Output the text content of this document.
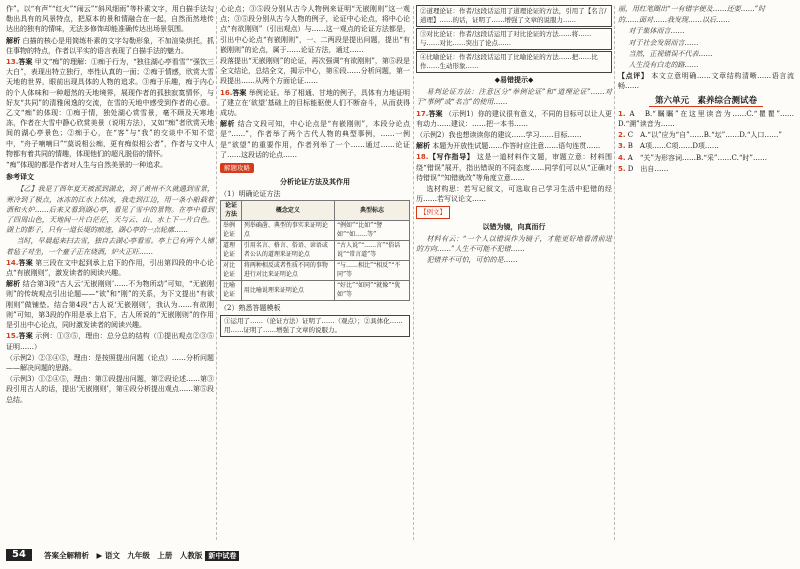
作”。以“有声”“红火”“闹云”“斜风细雨”等朴素文字，用白描手法勾勒出具有的风景特点，把原本的景和情融合在一起，自然而然地传达出的独有的情味，无法多修饰却能准确传达出场景氛围。

解析 白描的核心是用简练朴素的文字勾勒形象，不加渲染烘托，抓住事物的特点，作者以平实的语言表现了白描手法的魅力。

13.答案 甲文“痴”的理解：①痴于行为，“独往湖心亭看雪”“强饮三大白”，表现出特立独行，率性认真的一面；②痴于情感，欣赏大雪天地的世界，眼前出现具体的人物的追求。③痴于乐趣，痴于内心的个人体味和一种超然的天地境界，展现作者的孤独寂寞情怀，与好友“共同”的清雅闲逸的交流，在雪的天地中感受到作者的心意。乙文“痴”的体现：①痴于情，独处湖心赏雪景，毫不顾及天寒地冻，作者在大雪中静心欣赏美景（说明方法），又如“痴”者欣赏天地间的湖心亭景色；②痴于心，在“客”与“我”的交谈中不知不觉中，“舟子喃喃曰”“莫说相公痴，更有痴似相公者”，作者与文中人物都有着共同的情趣，体现他们的超凡脱俗的情怀。

“痴”体现的都是作者对人生与自然美景的一种追求。

参考译文

【乙】我是丁酉年夏天被派到湖北，到了黄州不久就遇到雪景，寒冷到了极点，冰冻的江水上结冰，我走到江边，用一条小船载着酒和火炉……后来又看到湖心亭，看见了雪中的景物。在亭中看到了四周山色，天地间一片白茫茫，天与云、山、水上下一片白色。湖上的影子，只有一道长堤的痕迹，湖心亭的一点轮廓……

当时，早晨起来扫去雪，独自去湖心亭看雪。亭上已有两个人铺着毡子对坐，一个童子正在烧酒，炉火正旺……

14.答案 第三段在文中起到承上启下的作用，引出第四段的中心论点“有嵌刚则”，激发读者的阅读兴趣。

解析 结合第3段“古人云‘无嵌刚则’……不为物所动”可知，“无嵌刚则”的传统观点引出论题——“欲”和“刚”的关系，为下文提出“有欲刚则”做铺垫。结合第4段“古人说‘无嵌刚则’，我认为……有欲刚则”可知，第3段的作用是承上启下，古人所说的“无嵌刚则”的作用是引出中心论点，同时激发读者的阅读兴趣。

15.答案 示例：①③⑤，理由：总分总的结构（①提出观点②③⑤证明……）

（示例2）②③④⑤，理由：是按照提出问题（论点）……分析问题——解决问题的思路。

（示例3）①②④⑤，理由：第①段提出问题，第②段论述……第③段引用古人的话，提出‘无嵌刚则’，第④段分析提出观点……第⑤段总结。

心论点；③⑤段分别从古今人物例来证明“无嵌刚则”这一观点；③⑤段分别从古今人物的例子，论证中心论点，将中心论点“有欲刚则”（引出观点）与……这一观点的论证方法都是，引出中心论点“有嵌刚则”，一、二两段是提出问题，提出“有嵌刚则”的论点，属于……论证方法，通过……

段落提出“无嵌刚则”的论证，再次强调“有欲刚则”，第⑤段是全文结论，总结全文，揭示中心，第⑥段……分析问题，第一段提出……从两个方面论证……

16.答案 举例论证。举了相通、甘地的例子，具体有力地证明了建立在‘欲望’基础上的目标能驱使人们不断奋斗，从而获得成功。

解析 结合文段可知，中心论点是“有嵌刚则”，本段分论点是“……”，作者举了两个古代人物的典型事例，……一例是“欲望”的重要作用，作者列举了一个……通过……论证了……这段话的论点……

解题攻略
分析论证方法及其作用

（1）明确论证方法

论证方法	概念定义	典型标志
举例论证	列举确凿、典型的事实来证明论点	“例如”“比如”“譬如”“如……等”
道理论证	引用名言、格言、俗语、谚语或者公认的道理来证明论点	“古人说”“……言”“俗话说”“常言道”等
对比论证	将两种相反或者性质不同的事物进行对比来证明论点	“与……相比”“相反”“不同”等
比喻论证	用比喻说理来证明论点	“好比”“如同”“就像”“犹如”等

（2）熟悉答题模板

①运用了……（论证方法）证明了……（观点）；②具体化……用……证明了……增强了文章的说服力。
②道理论证：作者/这段话运用了道理论证的方法，引用了【名言/道理】……的话，证明了……增强了文章的说服力……
③对比论证：作者/这段话运用了对比论证的方法……将……与……对比……突出了论点……
④比喻论证：作者/这段话运用了比喻论证的方法……把……比作……生动形象……
◆易错提示◆

易判论证方法：注意区分“举例论证”和“道理论证”……对于“事例”或“名言”的使用……

17.答案 （示例1）你的建议很有意义，不同的目标可以让人更有动力……建议：……把一本书……

（示例2）我也想读读你的建议……学习……目标……

解析 本题为开放性试题……作答时应注意……语句连贯……

18.【写作指导】 这是一道材料作文题，审题立意：材料围绕“错误”展开，指出错误的不同态度……同学们可以从“正确对待错误”“知错就改”等角度立意……

选材构思：若写记叙文，可选取自己学习生活中犯错的经历……若写议论文……

【例文】
以错为镜，向真而行

材料有云：“一个人以错误作为镜子，才能更好地看清前进的方向……”人生不可能不犯错……

犯错并不可怕，可怕的是……

丽，用红笔圈出“一有错字便及……还要……”时

的……面对……我发现……以后……

对于集体而言……

对于社会发展而言……

当然，正视错误不代表……

人生没有白走的路……

【点评】 本文立意明确……文章结构清晰……语言流畅……

第六单元　素养综合测试卷

1. A　B.“瞩瞩”在这里读音为……C.“瞿瞿”……D.“溯”读音为……

2. C　A.“以”应为“自”……B.“坛”……D.“人口……”

3. B　A项……C项……D项……

4. A　“关”为形容词……B.“采”……C.“时”……

5. D　出自……

54	答案全解精析　▶ 语文　九年级　上册　人教版 新中试卷
